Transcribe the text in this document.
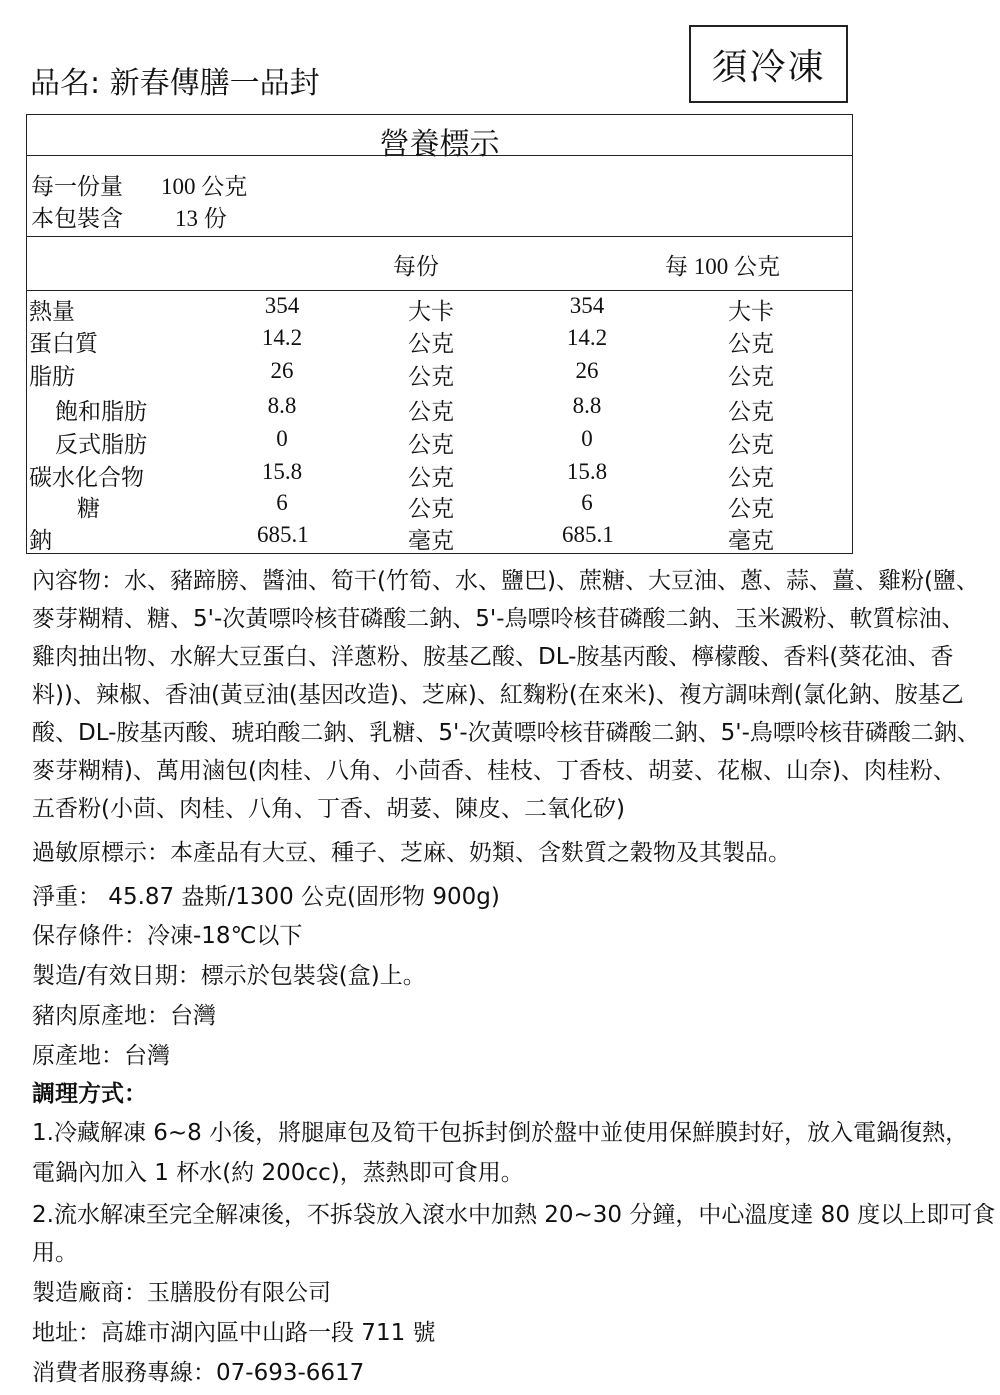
品名: 新春傳膳一品封	須冷凍
營養標示
每一份量 100 公克
本包裝含 13 份
每份	每 100 公克
熱量	354	大卡	354	大卡
蛋白質	14.2	公克	14.2	公克
脂肪	26	公克	26	公克
飽和脂肪	8.8	公克	8.8	公克
反式脂肪	0	公克	0	公克
碳水化合物	15.8	公克	15.8	公克
糖	6	公克	6	公克
鈉	685.1	毫克	685.1	毫克
內容物：水、豬蹄膀、醬油、筍干(竹筍、水、鹽巴)、蔗糖、大豆油、蔥、蒜、薑、雞粉(鹽、
麥芽糊精、糖、5'-次黃嘌呤核苷磷酸二鈉、5'-鳥嘌呤核苷磷酸二鈉、玉米澱粉、軟質棕油、
雞肉抽出物、水解大豆蛋白、洋蔥粉、胺基乙酸、DL-胺基丙酸、檸檬酸、香料(葵花油、香
料))、辣椒、香油(黃豆油(基因改造)、芝麻)、紅麴粉(在來米)、複方調味劑(氯化鈉、胺基乙
酸、DL-胺基丙酸、琥珀酸二鈉、乳糖、5'-次黃嘌呤核苷磷酸二鈉、5'-鳥嘌呤核苷磷酸二鈉、
麥芽糊精)、萬用滷包(肉桂、八角、小茴香、桂枝、丁香枝、胡荽、花椒、山奈)、肉桂粉、
五香粉(小茴、肉桂、八角、丁香、胡荽、陳皮、二氧化矽)
過敏原標示：本產品有大豆、種子、芝麻、奶類、含麩質之穀物及其製品。
淨重： 45.87 盎斯/1300 公克(固形物 900g)
保存條件：冷凍-18℃以下
製造/有效日期：標示於包裝袋(盒)上。
豬肉原產地：台灣
原產地：台灣
調理方式：
1.冷藏解凍 6~8 小後，將腿庫包及筍干包拆封倒於盤中並使用保鮮膜封好，放入電鍋復熱，
電鍋內加入 1 杯水(約 200cc)，蒸熱即可食用。
2.流水解凍至完全解凍後，不拆袋放入滾水中加熱 20~30 分鐘，中心溫度達 80 度以上即可食
用。
製造廠商：玉膳股份有限公司
地址：高雄市湖內區中山路一段 711 號
消費者服務專線：07-693-6617
